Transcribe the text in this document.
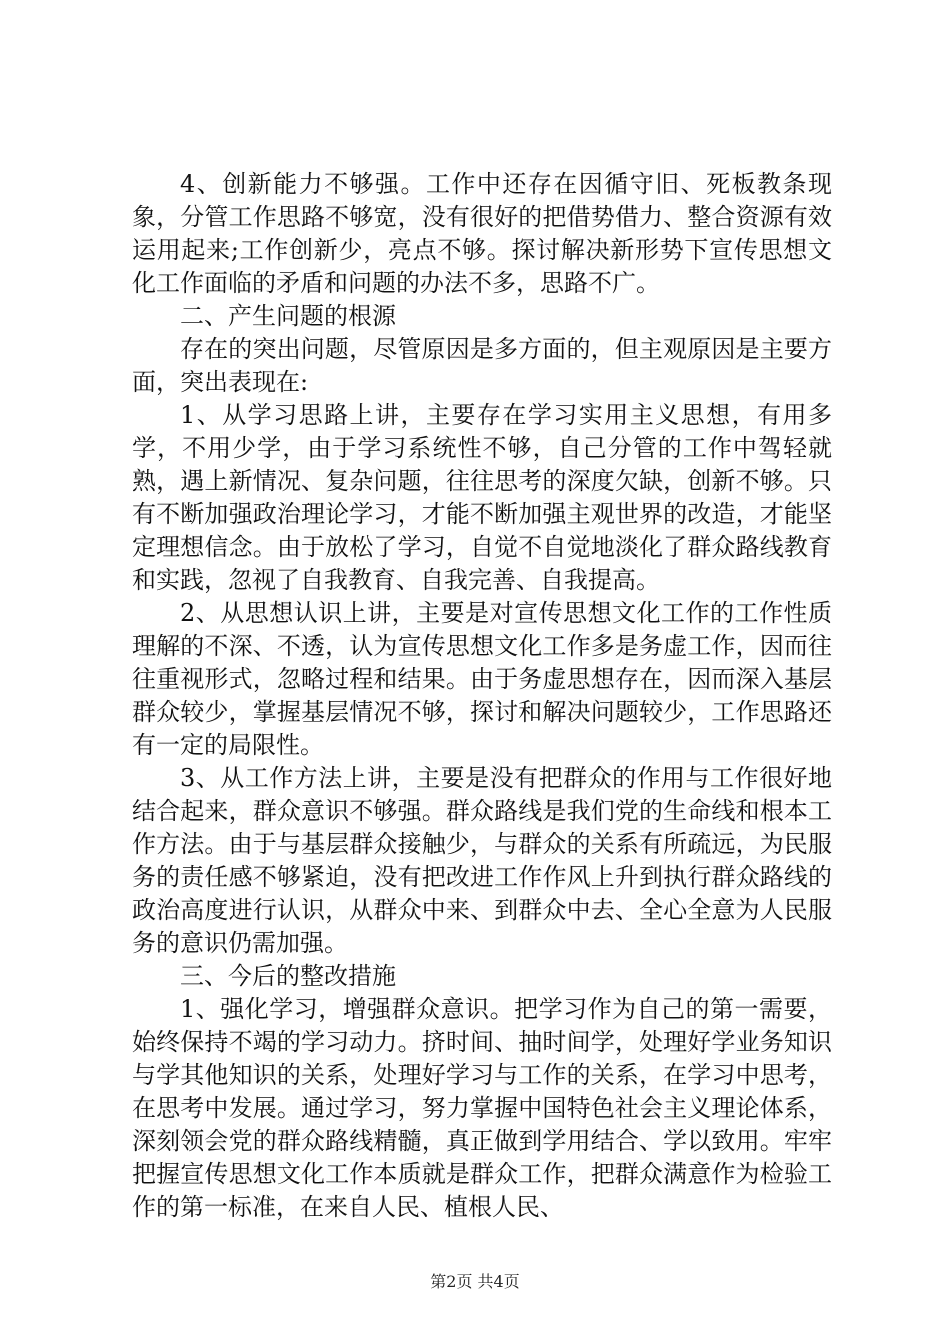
4、创新能力不够强。工作中还存在因循守旧、死板教条现象，分管工作思路不够宽，没有很好的把借势借力、整合资源有效运用起来;工作创新少，亮点不够。探讨解决新形势下宣传思想文化工作面临的矛盾和问题的办法不多，思路不广。

二、产生问题的根源

存在的突出问题，尽管原因是多方面的，但主观原因是主要方面，突出表现在:

1、从学习思路上讲，主要存在学习实用主义思想，有用多学，不用少学，由于学习系统性不够，自己分管的工作中驾轻就熟，遇上新情况、复杂问题，往往思考的深度欠缺，创新不够。只有不断加强政治理论学习，才能不断加强主观世界的改造，才能坚定理想信念。由于放松了学习，自觉不自觉地淡化了群众路线教育和实践，忽视了自我教育、自我完善、自我提高。

2、从思想认识上讲，主要是对宣传思想文化工作的工作性质理解的不深、不透，认为宣传思想文化工作多是务虚工作，因而往往重视形式，忽略过程和结果。由于务虚思想存在，因而深入基层群众较少，掌握基层情况不够，探讨和解决问题较少，工作思路还有一定的局限性。

3、从工作方法上讲，主要是没有把群众的作用与工作很好地结合起来，群众意识不够强。群众路线是我们党的生命线和根本工作方法。由于与基层群众接触少，与群众的关系有所疏远，为民服务的责任感不够紧迫，没有把改进工作作风上升到执行群众路线的政治高度进行认识，从群众中来、到群众中去、全心全意为人民服务的意识仍需加强。

三、今后的整改措施

1、强化学习，增强群众意识。把学习作为自己的第一需要，始终保持不竭的学习动力。挤时间、抽时间学，处理好学业务知识与学其他知识的关系，处理好学习与工作的关系，在学习中思考，在思考中发展。通过学习，努力掌握中国特色社会主义理论体系，深刻领会党的群众路线精髓，真正做到学用结合、学以致用。牢牢把握宣传思想文化工作本质就是群众工作，把群众满意作为检验工作的第一标准，在来自人民、植根人民、

第2页 共4页
